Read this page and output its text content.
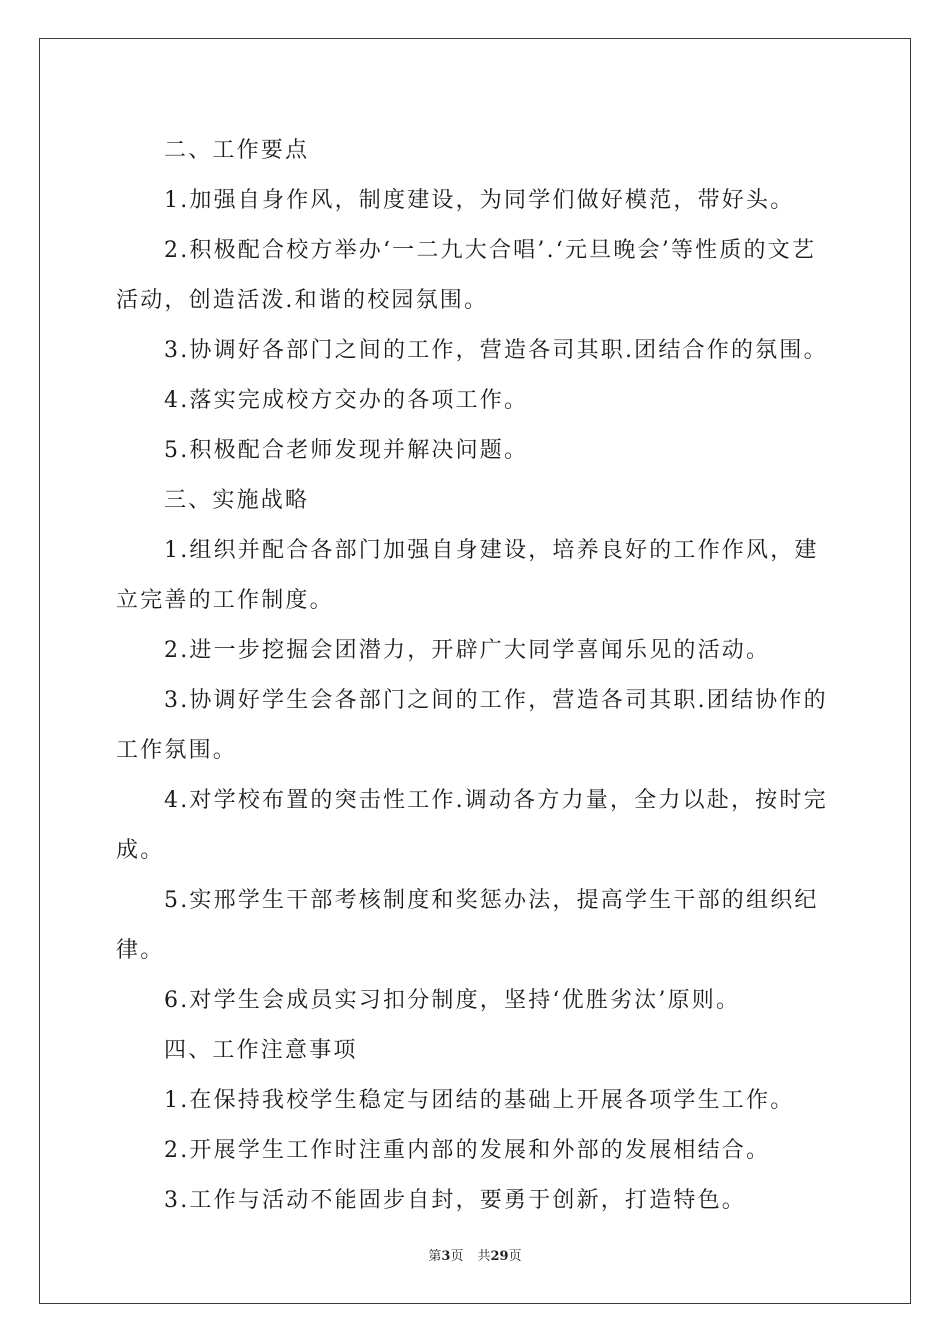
二、工作要点

1.加强自身作风，制度建设，为同学们做好模范，带好头。

2.积极配合校方举办‘一二九大合唱’.‘元旦晚会’等性质的文艺活动，创造活泼.和谐的校园氛围。

3.协调好各部门之间的工作，营造各司其职.团结合作的氛围。

4.落实完成校方交办的各项工作。

5.积极配合老师发现并解决问题。

三、实施战略

1.组织并配合各部门加强自身建设，培养良好的工作作风，建立完善的工作制度。

2.进一步挖掘会团潜力，开辟广大同学喜闻乐见的活动。

3.协调好学生会各部门之间的工作，营造各司其职.团结协作的工作氛围。

4.对学校布置的突击性工作.调动各方力量，全力以赴，按时完成。

5.实邢学生干部考核制度和奖惩办法，提高学生干部的组织纪律。

6.对学生会成员实习扣分制度，坚持‘优胜劣汰’原则。

四、工作注意事项

1.在保持我校学生稳定与团结的基础上开展各项学生工作。

2.开展学生工作时注重内部的发展和外部的发展相结合。

3.工作与活动不能固步自封，要勇于创新，打造特色。

第3页 共29页
